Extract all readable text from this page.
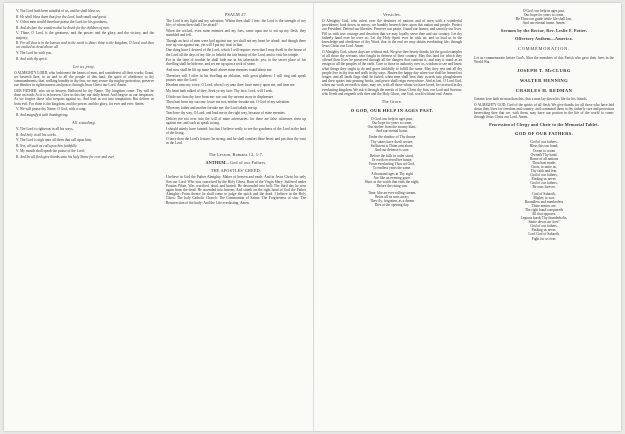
V. The Lord hath been mindful of us, and he shall bless us;

R. He shall bless them that fear the Lord, both small and great.

V. O that men would therefore praise the Lord for his goodness,

R. And declare the wonders that he doeth for the children of men.

V. Thine, O Lord, is the greatness, and the power, and the glory, and the victory, and the majesty;

R. For all that is in the heaven and in the earth is thine; thine is the kingdom, O Lord, and thou art exalted as head above all.

V. The Lord be with you.

R. And with thy spirit.

Let us pray.

O ALMIGHTY LORD, who fashionest the hearts of men, and considerest all their works: Grant, we beseech thee, to us and to all the people of this land, the spirit of obedience to thy commandments; that, walking humbly in thy fear, we may secure thy mighty protection, preserve our liberties in righteousness and peace; through Jesus Christ our Lord. Amen.

OUR FATHER, who art in heaven, Hallowed be thy Name. Thy kingdom come. Thy will be done on earth, As it is in heaven. Give us this day our daily bread. And forgive us our trespasses, As we forgive those who trespass against us. And lead us not into temptation, But deliver us from evil: For thine is the kingdom, and the power, and the glory, for ever and ever. Amen.

V. We will praise thy Name, O God, with a song;

R. And magnify it with thanksgiving.

All standing.

V. The Lord is righteous in all his ways,

R. And holy in all his works.

V. The Lord is nigh unto all them that call upon him;

R. Yea, all such as call upon him faithfully.

V. My mouth shall speak the praise of the Lord;

R. And let all flesh give thanks unto his holy Name for ever and ever.

PSALM 27.

The Lord is my light and my salvation; Whom then shall I fear: the Lord is the strength of my life; of whom then shall I be afraid?

When the wicked, even mine enemies and my foes, came upon me to eat up my flesh, they stumbled and fell.

Though an host of men were laid against me, yet shall not my heart be afraid: and though there rose up war against me, yet will I put my trust in him.

One thing have I desired of the Lord, which I will require: even that I may dwell in the house of the Lord all the days of my life, to behold the fair beauty of the Lord, and to visit his temple.

For in the time of trouble he shall hide me in his tabernacle: yea, in the secret place of his dwelling shall he hide me, and set me up upon a rock of stone.

And now shall he lift up mine head: above mine enemies round about me.

Therefore will I offer in his dwelling an oblation, with great gladness: I will sing and speak praises unto the Lord.

Hearken unto my voice, O Lord, when I cry unto thee: have mercy upon me, and hear me.

My heart hath talked of thee, Seek ye my face: Thy face, Lord, will I seek.

O hide not thou thy face from me: nor cast thy servant away in displeasure.

Thou hast been my succour: leave me not, neither forsake me, O God of my salvation.

When my father and mother forsake me: the Lord taketh me up.

Teach me thy way, O Lord: and lead me in the right way, because of mine enemies.

Deliver me not over into the will of mine adversaries: for there are false witnesses risen up against me, and such as speak wrong.

I should utterly have fainted: but that I believe verily to see the goodness of the Lord in the land of the living.

O tarry thou the Lord's leisure: be strong, and he shall comfort thine heart; and put thou thy trust in the Lord.

The Lesson, Romans 12, 1-7.
ANTHEM—God of our Fathers.
THE APOSTLES' CREED.

I believe in God the Father Almighty, Maker of heaven and earth: And in Jesus Christ his only Son our Lord: Who was conceived by the Holy Ghost, Born of the Virgin Mary: Suffered under Pontius Pilate, Was crucified, dead, and buried: He descended into hell; The third day he rose again from the dead: He ascended into heaven, And sitteth on the right hand of God the Father Almighty: From thence he shall come to judge the quick and the dead. I believe in the Holy Ghost: The holy Catholic Church: The Communion of Saints: The Forgiveness of sins: The Resurrection of the body: And the Life everlasting. Amen.

Versicles.

O Almighty God, who rulest over the destinies of nations and of men with a wonderful providence; look down, in mercy, we humbly beseech thee, upon this nation and people. Protect our President. Defend our liberties. Preserve our peace. Guard our homes, and sanctify our lives. Fill us with true courage and devotion that we may loyally serve thee and our country. Let thy fatherly hand ever be over us; Let thy Holy Spirit ever be with us; and so lead us in the knowledge and obedience of thy Word, that in the end we may obtain everlasting life; through Jesus Christ our Lord. Amen.

O Almighty God, whose days are without end, We give thee hearty thanks for the good examples of all those thy servants who fought in defense of their country. May this land for which they offered their lives be preserved through all the dangers that confront it, and may it stand as an ensign to all the peoples of the earth. Give to those in authority over us, wisdom to see and know what things they ought to do and grace faithfully to fulfill the same. May they rest and all thy people live in thy fear and walk in thy ways. Hasten the happy day when war shall be learned no longer, and all lands flags shall be furled; when men shall beat their swords into ploughshares and their spears into pruning hooks, and peace shall reign everywhere. And at last, O Lord God, when our work on earth is done, may we, with all those whom we have loved, be received in thy everlasting kingdom. We ask it through the merits of Jesus Christ thy Son, our Lord and Saviour, who liveth and reigneth with thee and the Holy Ghost, one God, world without end. Amen.

The Grace.
O GOD, OUR HELP IN AGES PAST.
O God, our help in ages past,
Our hope for years to come,
Our shelter from the stormy blast,
And our eternal home.
Under the shadow of Thy throne
Thy saints have dwelt secure;
Sufficient is Thine arm alone,
And our defense is sure.
Before the hills in order stood,
Or earth received her frame,
From everlasting Thou art God,
To endless years the same.
A thousand ages in Thy sight
Are like an evening gone;
Short as the watch that ends the night,
Before the rising sun.
Time, like an ever-rolling stream,
Bears all its sons away;
They fly, forgotten, as a dream
Dies at the opening day.
O God, our help in ages past,
Our hope for years to come,
Be Thou our guide while life shall last,
And our eternal home. Amen.
Sermon by the Rector, Rev. Leslie F. Potter.
Offertory Anthem—America.
COMMEMORATION.

Let us commemorate before God's Altar the members of this Parish who gave their lives in the World War.

JOSEPH T. McCLURG
WALTER HENNING
CHARLES H. REDMAN

Greater love hath no man than this, that a man lay down his life for his friends.

O ALMIGHTY GOD, God of the spirits of all flesh; We give thanks for all those who have laid down their lives for freedom and country; and commend them to thy fatherly care and protection beseeching thee that we, with them, may have our portion in the life of the world to come; through Jesus Christ our Lord. Amen.

Procession of Clergy and Choir to the Memorial Tablet.
GOD OF OUR FATHERS.
God of our fathers,
Bless this our band;
Ocean to ocean
Owneth Thy hand.
Home of all nations
Thou hast made:
Grow, to unite us,
Thy faith and fear.
God of our fathers,
Finding us never,
God of our fathers,
Be ours forever.
God of Sabaoth,
Mighty to war,
Boundless and numberless
Thine armies are.
The right hand conquereth
All that opposes;
Legions bards Thy thunderbolts,
Smite down our foes!
God of our fathers,
Finding us never,
Lord God of Sabaoth,
Fight for us ever.
